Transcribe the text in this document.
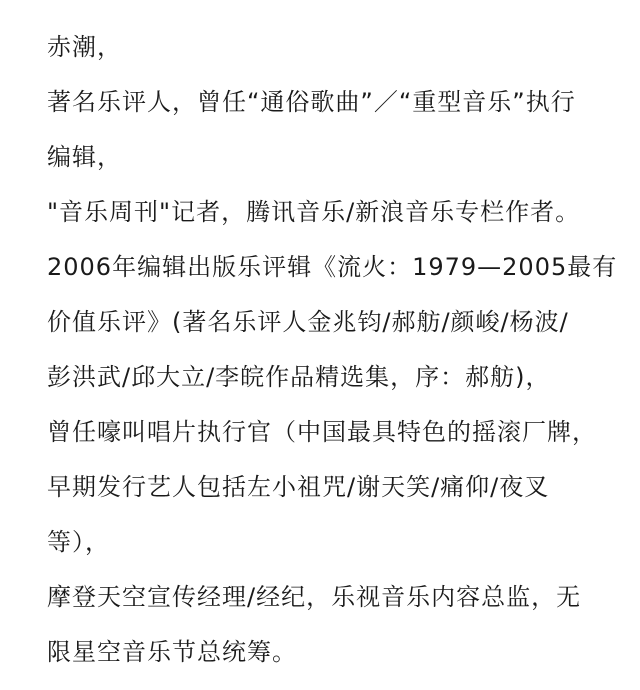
赤潮，
著名乐评人，曾任“通俗歌曲”／“重型音乐”执行
编辑，
"音乐周刊"记者，腾讯音乐/新浪音乐专栏作者。
2006年编辑出版乐评辑《流火：1979—2005最有
价值乐评》(著名乐评人金兆钧/郝舫/颜峻/杨波/
彭洪武/邱大立/李皖作品精选集，序：郝舫)，
曾任嚎叫唱片执行官（中国最具特色的摇滚厂牌，
早期发行艺人包括左小祖咒/谢天笑/痛仰/夜叉
等），
摩登天空宣传经理/经纪，乐视音乐内容总监，无
限星空音乐节总统筹。
